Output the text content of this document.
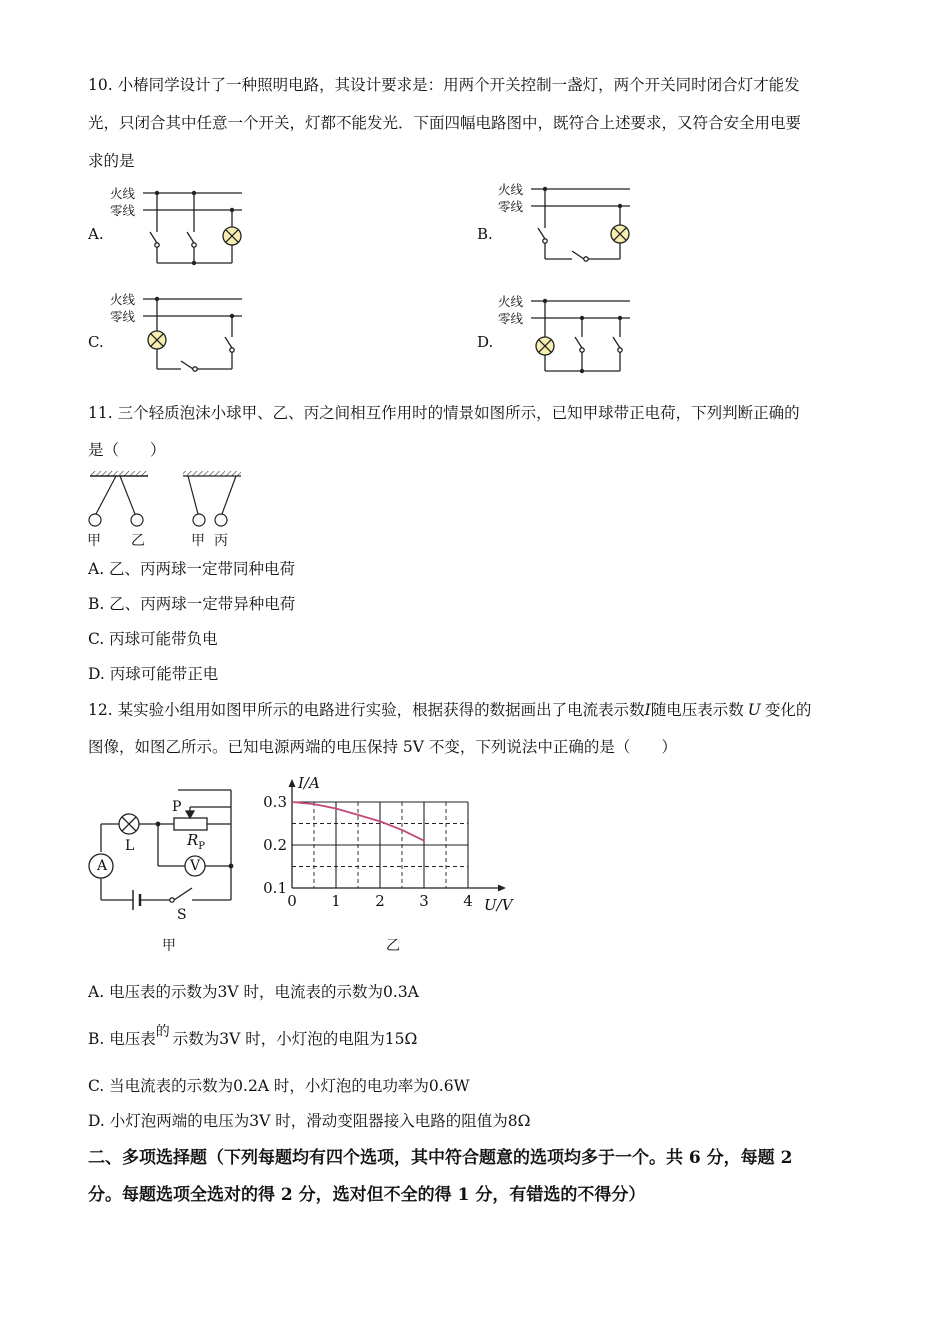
10. 小椿同学设计了一种照明电路，其设计要求是：用两个开关控制一盏灯，两个开关同时闭合灯才能发
光，只闭合其中任意一个开关，灯都不能发光．下面四幅电路图中，既符合上述要求，又符合安全用电要
求的是
A.
火线
零线
B.
火线
零线
C.
火线
零线
D.
火线
零线
11. 三个轻质泡沫小球甲、乙、丙之间相互作用时的情景如图所示，已知甲球带正电荷，下列判断正确的
是（　　）
甲 乙	甲 丙
A. 乙、丙两球一定带同种电荷
B. 乙、丙两球一定带异种电荷
C. 丙球可能带负电
D. 丙球可能带正电
12. 某实验小组用如图甲所示的电路进行实验，根据获得的数据画出了电流表示数I随电压表示数 U 变化的
图像，如图乙所示。已知电源两端的电压保持 5V 不变，下列说法中正确的是（　　）
A	V
L
P
$R_P$
S
甲
0 1 2 3 4
0.3
0.2
0.1
I/A
U/V
乙
A. 电压表的示数为3V 时，电流表的示数为0.3A
B. 电压表 的 示数为3V 时，小灯泡的电阻为15Ω
C. 当电流表的示数为0.2A 时，小灯泡的电功率为0.6W
D. 小灯泡两端的电压为3V 时，滑动变阻器接入电路的阻值为8Ω
二、多项选择题（下列每题均有四个选项，其中符合题意的选项均多于一个。共 6 分，每题 2
分。每题选项全选对的得 2 分，选对但不全的得 1 分，有错选的不得分）
